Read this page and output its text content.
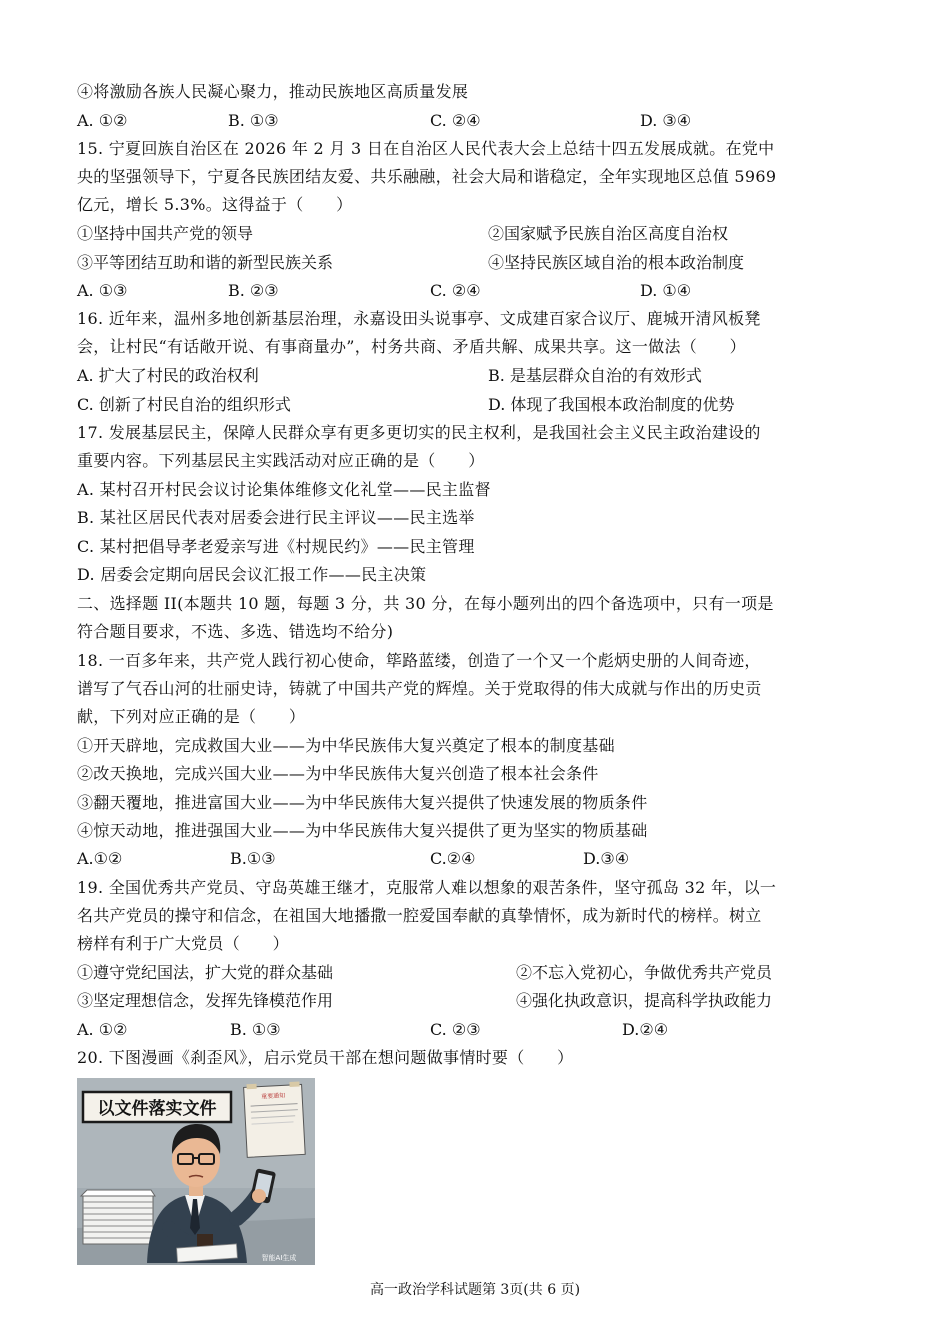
④将激励各族人民凝心聚力，推动民族地区高质量发展
A. ①②	B. ①③	C. ②④	D. ③④
15. 宁夏回族自治区在 2026 年 2 月 3 日在自治区人民代表大会上总结十四五发展成就。在党中
央的坚强领导下，宁夏各民族团结友爱、共乐融融，社会大局和谐稳定，全年实现地区总值 5969
亿元，增长 5.3%。这得益于（　　）
①坚持中国共产党的领导	②国家赋予民族自治区高度自治权
③平等团结互助和谐的新型民族关系	④坚持民族区域自治的根本政治制度
A. ①③	B. ②③	C. ②④	D. ①④
16. 近年来，温州多地创新基层治理，永嘉设田头说事亭、文成建百家合议厅、鹿城开清风板凳
会，让村民“有话敞开说、有事商量办”，村务共商、矛盾共解、成果共享。这一做法（　　）
A. 扩大了村民的政治权利	B. 是基层群众自治的有效形式
C. 创新了村民自治的组织形式	D. 体现了我国根本政治制度的优势
17. 发展基层民主，保障人民群众享有更多更切实的民主权利，是我国社会主义民主政治建设的
重要内容。下列基层民主实践活动对应正确的是（　　）
A. 某村召开村民会议讨论集体维修文化礼堂——民主监督
B. 某社区居民代表对居委会进行民主评议——民主选举
C. 某村把倡导孝老爱亲写进《村规民约》——民主管理
D. 居委会定期向居民会议汇报工作——民主决策
二、选择题 II(本题共 10 题，每题 3 分，共 30 分，在每小题列出的四个备选项中，只有一项是
符合题目要求，不选、多选、错选均不给分)
18. 一百多年来，共产党人践行初心使命，筚路蓝缕，创造了一个又一个彪炳史册的人间奇迹，
谱写了气吞山河的壮丽史诗，铸就了中国共产党的辉煌。关于党取得的伟大成就与作出的历史贡
献，下列对应正确的是（　　）
①开天辟地，完成救国大业——为中华民族伟大复兴奠定了根本的制度基础
②改天换地，完成兴国大业——为中华民族伟大复兴创造了根本社会条件
③翻天覆地，推进富国大业——为中华民族伟大复兴提供了快速发展的物质条件
④惊天动地，推进强国大业——为中华民族伟大复兴提供了更为坚实的物质基础
A.①②	B.①③	C.②④	D.③④
19. 全国优秀共产党员、守岛英雄王继才，克服常人难以想象的艰苦条件，坚守孤岛 32 年，以一
名共产党员的操守和信念，在祖国大地播撒一腔爱国奉献的真挚情怀，成为新时代的榜样。树立
榜样有利于广大党员（　　）
①遵守党纪国法，扩大党的群众基础	②不忘入党初心，争做优秀共产党员
③坚定理想信念，发挥先锋模范作用	④强化执政意识，提高科学执政能力
A. ①②	B. ①③	C. ②③	D.②④
20. 下图漫画《刹歪风》，启示党员干部在想问题做事情时要（　　）
以文件落实文件
重要通知
智能AI生成
高一政治学科试题第 3页(共 6 页)
